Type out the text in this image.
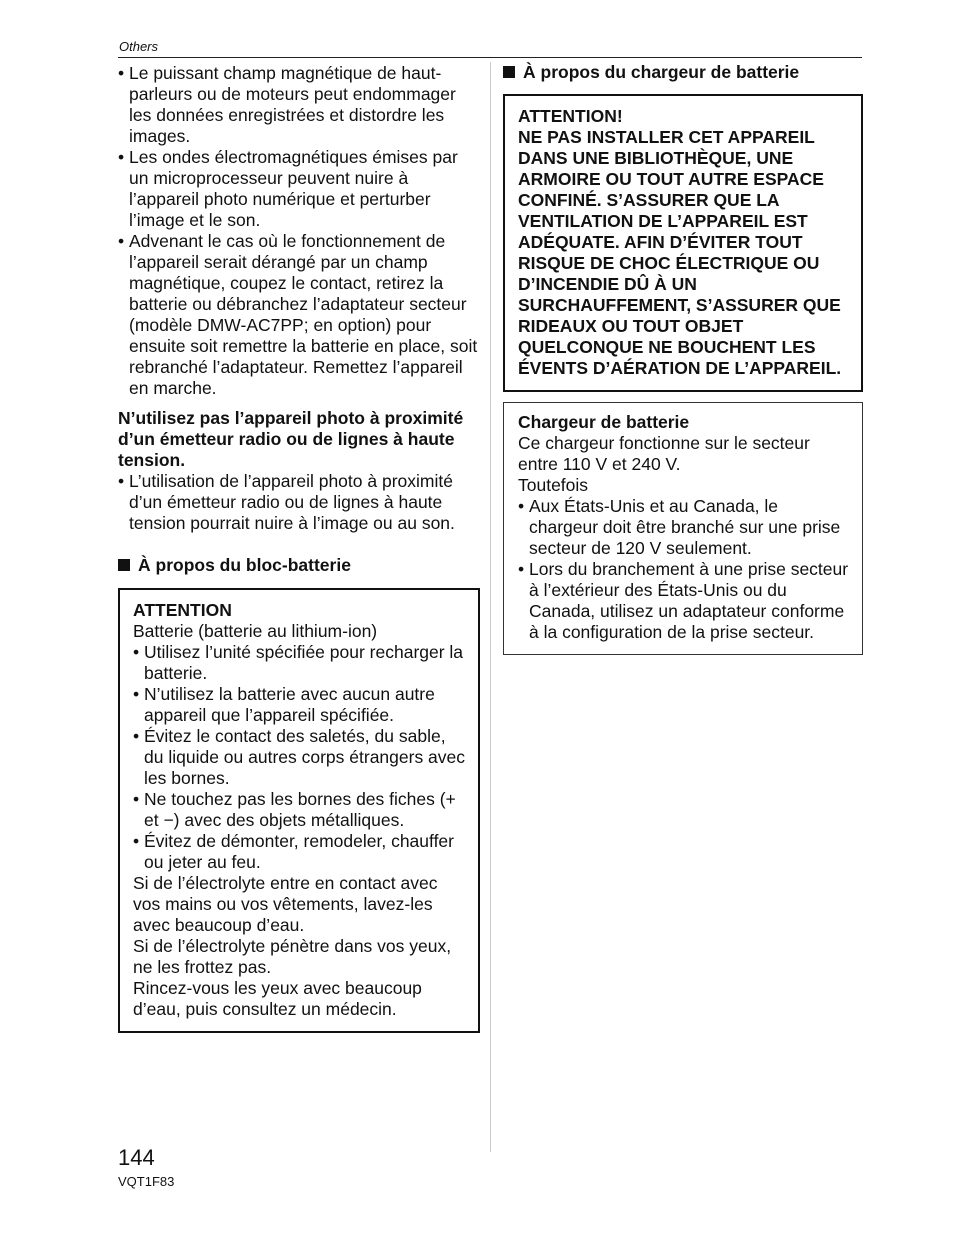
Others
• Le puissant champ magnétique de haut-parleurs ou de moteurs peut endommager les données enregistrées et distordre les images.
• Les ondes électromagnétiques émises par un microprocesseur peuvent nuire à l’appareil photo numérique et perturber l’image et le son.
• Advenant le cas où le fonctionnement de l’appareil serait dérangé par un champ magnétique, coupez le contact, retirez la batterie ou débranchez l’adaptateur secteur (modèle DMW-AC7PP; en option) pour ensuite soit remettre la batterie en place, soit rebranché l’adaptateur. Remettez l’appareil en marche.

N’utilisez pas l’appareil photo à proximité d’un émetteur radio ou de lignes à haute tension.

• L’utilisation de l’appareil photo à proximité d’un émetteur radio ou de lignes à haute tension pourrait nuire à l’image ou au son.
À propos du bloc-batterie
ATTENTION
Batterie (batterie au lithium-ion)
• Utilisez l’unité spécifiée pour recharger la batterie.
• N’utilisez la batterie avec aucun autre appareil que l’appareil spécifiée.
• Évitez le contact des saletés, du sable, du liquide ou autres corps étrangers avec les bornes.
• Ne touchez pas les bornes des fiches (+ et −) avec des objets métalliques.
• Évitez de démonter, remodeler, chauffer ou jeter au feu.

Si de l’électrolyte entre en contact avec vos mains ou vos vêtements, lavez-les avec beaucoup d’eau.

Si de l’électrolyte pénètre dans vos yeux, ne les frottez pas.

Rincez-vous les yeux avec beaucoup d’eau, puis consultez un médecin.

À propos du chargeur de batterie
ATTENTION!
NE PAS INSTALLER CET APPAREIL DANS UNE BIBLIOTHÈQUE, UNE ARMOIRE OU TOUT AUTRE ESPACE CONFINÉ. S’ASSURER QUE LA VENTILATION DE L’APPAREIL EST ADÉQUATE. AFIN D’ÉVITER TOUT RISQUE DE CHOC ÉLECTRIQUE OU D’INCENDIE DÛ À UN SURCHAUFFEMENT, S’ASSURER QUE RIDEAUX OU TOUT OBJET QUELCONQUE NE BOUCHENT LES ÉVENTS D’AÉRATION DE L’APPAREIL.
Chargeur de batterie
Ce chargeur fonctionne sur le secteur entre 110 V et 240 V.
Toutefois
• Aux États-Unis et au Canada, le chargeur doit être branché sur une prise secteur de 120 V seulement.
• Lors du branchement à une prise secteur à l’extérieur des États-Unis ou du Canada, utilisez un adaptateur conforme à la configuration de la prise secteur.
144
VQT1F83
